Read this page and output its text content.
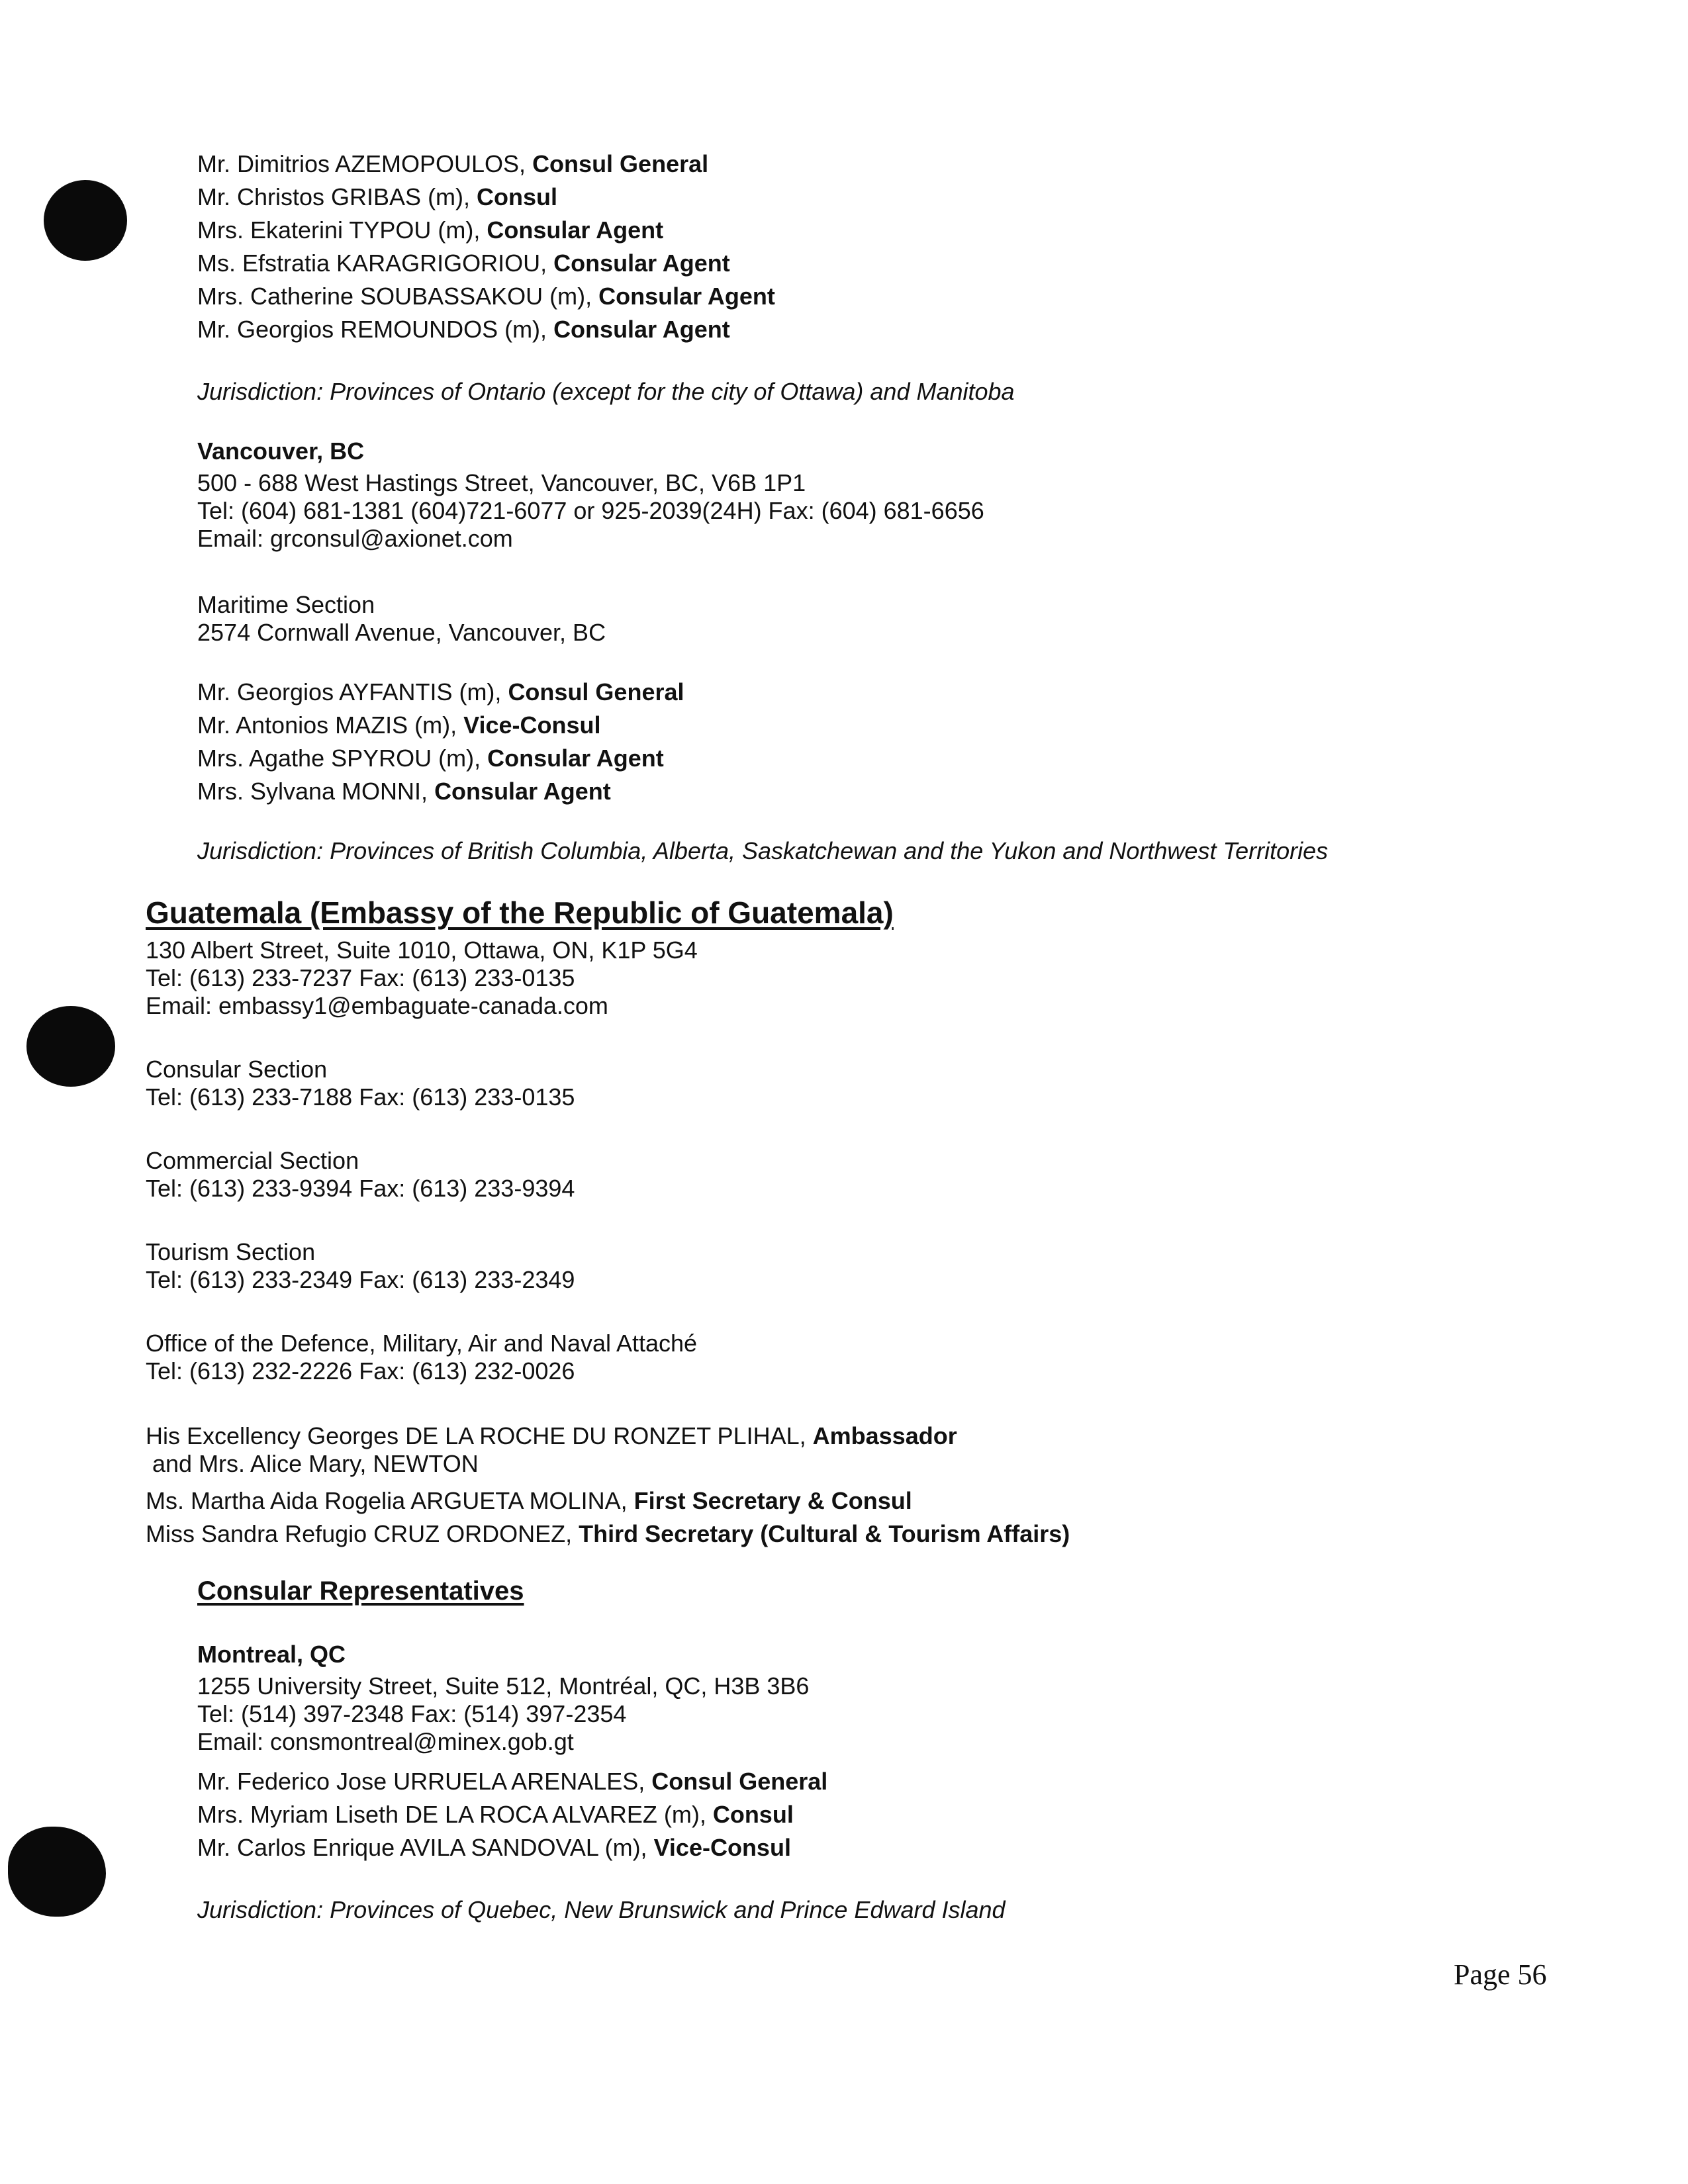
Mr. Dimitrios AZEMOPOULOS, Consul General
Mr. Christos GRIBAS (m), Consul
Mrs. Ekaterini TYPOU (m), Consular Agent
Ms. Efstratia KARAGRIGORIOU, Consular Agent
Mrs. Catherine SOUBASSAKOU (m), Consular Agent
Mr. Georgios REMOUNDOS (m), Consular Agent
Jurisdiction: Provinces of Ontario (except for the city of Ottawa) and Manitoba
Vancouver, BC
500 - 688 West Hastings Street, Vancouver, BC, V6B 1P1
Tel: (604) 681-1381 (604)721-6077 or 925-2039(24H) Fax: (604) 681-6656
Email: grconsul@axionet.com
Maritime Section
2574 Cornwall Avenue, Vancouver, BC
Mr. Georgios AYFANTIS (m), Consul General
Mr. Antonios MAZIS (m), Vice-Consul
Mrs. Agathe SPYROU (m), Consular Agent
Mrs. Sylvana MONNI, Consular Agent
Jurisdiction: Provinces of British Columbia, Alberta, Saskatchewan and the Yukon and Northwest Territories
Guatemala (Embassy of the Republic of Guatemala)
130 Albert Street, Suite 1010, Ottawa, ON, K1P 5G4
Tel: (613) 233-7237 Fax: (613) 233-0135
Email: embassy1@embaguate-canada.com
Consular Section
Tel: (613) 233-7188 Fax: (613) 233-0135
Commercial Section
Tel: (613) 233-9394 Fax: (613) 233-9394
Tourism Section
Tel: (613) 233-2349 Fax: (613) 233-2349
Office of the Defence, Military, Air and Naval Attaché
Tel: (613) 232-2226 Fax: (613) 232-0026
His Excellency Georges DE LA ROCHE DU RONZET PLIHAL, Ambassador
and Mrs. Alice Mary, NEWTON
Ms. Martha Aida Rogelia ARGUETA MOLINA, First Secretary & Consul
Miss Sandra Refugio CRUZ ORDONEZ, Third Secretary (Cultural & Tourism Affairs)
Consular Representatives
Montreal, QC
1255 University Street, Suite 512, Montréal, QC, H3B 3B6
Tel: (514) 397-2348 Fax: (514) 397-2354
Email: consmontreal@minex.gob.gt
Mr. Federico Jose URRUELA ARENALES, Consul General
Mrs. Myriam Liseth DE LA ROCA ALVAREZ (m), Consul
Mr. Carlos Enrique AVILA SANDOVAL (m), Vice-Consul
Jurisdiction: Provinces of Quebec, New Brunswick and Prince Edward Island
Page 56
